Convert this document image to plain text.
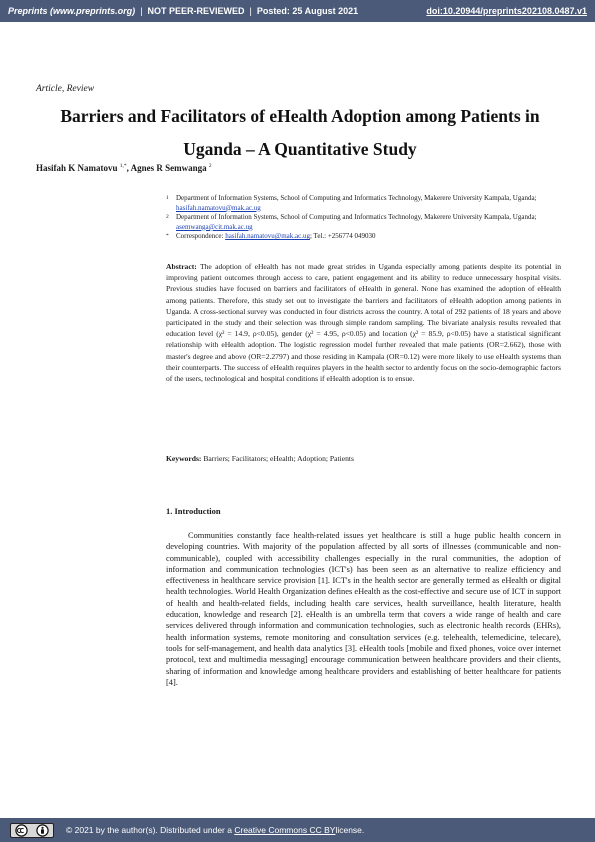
Preprints (www.preprints.org) | NOT PEER-REVIEWED | Posted: 25 August 2021	doi:10.20944/preprints202108.0487.v1
Article, Review
Barriers and Facilitators of eHealth Adoption among Patients in Uganda – A Quantitative Study
Hasifah K Namatovu $^{1,*}$, Agnes R Semwanga $^2$
1	Department of Information Systems, School of Computing and Informatics Technology, Makerere University Kampala, Uganda; hasifah.namatovu@mak.ac.ug
2	Department of Information Systems, School of Computing and Informatics Technology, Makerere University Kampala, Uganda; asemwanga@cit.mak.ac.ug
*	Correspondence: hasifah.namatovu@mak.ac.ug; Tel.: +256774 049030
Abstract: The adoption of eHealth has not made great strides in Uganda especially among patients despite its potential in improving patient outcomes through access to care, patient engagement and its ability to reduce unnecessary hospital visits. Previous studies have focused on barriers and facilitators of eHealth in general. None has examined the adoption of eHealth among patients. Therefore, this study set out to investigate the barriers and facilitators of eHealth adoption among patients in Uganda. A cross-sectional survey was conducted in four districts across the country. A total of 292 patients of 18 years and above participated in the study and their selection was through simple random sampling. The bivariate analysis results revealed that education level (χ² = 14.9, ρ<0.05), gender (χ² = 4.95, ρ<0.05) and location (χ² = 85.9, ρ<0.05) have a statistical significant relationship with eHealth adoption. The logistic regression model further revealed that male patients (OR=2.662), those with master's degree and above (OR=2.2797) and those residing in Kampala (OR=0.12) were more likely to use eHealth systems than their counterparts. The success of eHealth requires players in the health sector to ardently focus on the socio-demographic factors of the users, technological and hospital conditions if eHealth adoption is to ensue.
Keywords: Barriers; Facilitators; eHealth; Adoption; Patients
1. Introduction
Communities constantly face health-related issues yet healthcare is still a huge public health concern in developing countries. With majority of the population affected by all sorts of illnesses (communicable and non-communicable), coupled with accessibility challenges especially in the rural communities, the adoption of information and communication technologies (ICT's) has been seen as an alternative to realize efficiency and effectiveness in healthcare service provision [1]. ICT's in the health sector are generally termed as eHealth or digital health technologies. World Health Organization defines eHealth as the cost-effective and secure use of ICT in support of health and health-related fields, including health care services, health surveillance, health literature, health education, knowledge and research [2]. eHealth is an umbrella term that covers a wide range of health and care services delivered through information and communication technologies, such as electronic health records (EHRs), health information systems, remote monitoring and consultation services (e.g. telehealth, telemedicine, telecare), tools for self-management, and health data analytics [3]. eHealth tools [mobile and fixed phones, voice over internet protocol, text and multimedia messaging] encourage communication between healthcare providers and their clients, sharing of information and knowledge among healthcare providers and establishing of better healthcare for patients [4].
© 2021 by the author(s). Distributed under a
Creative Commons CC BY license.
